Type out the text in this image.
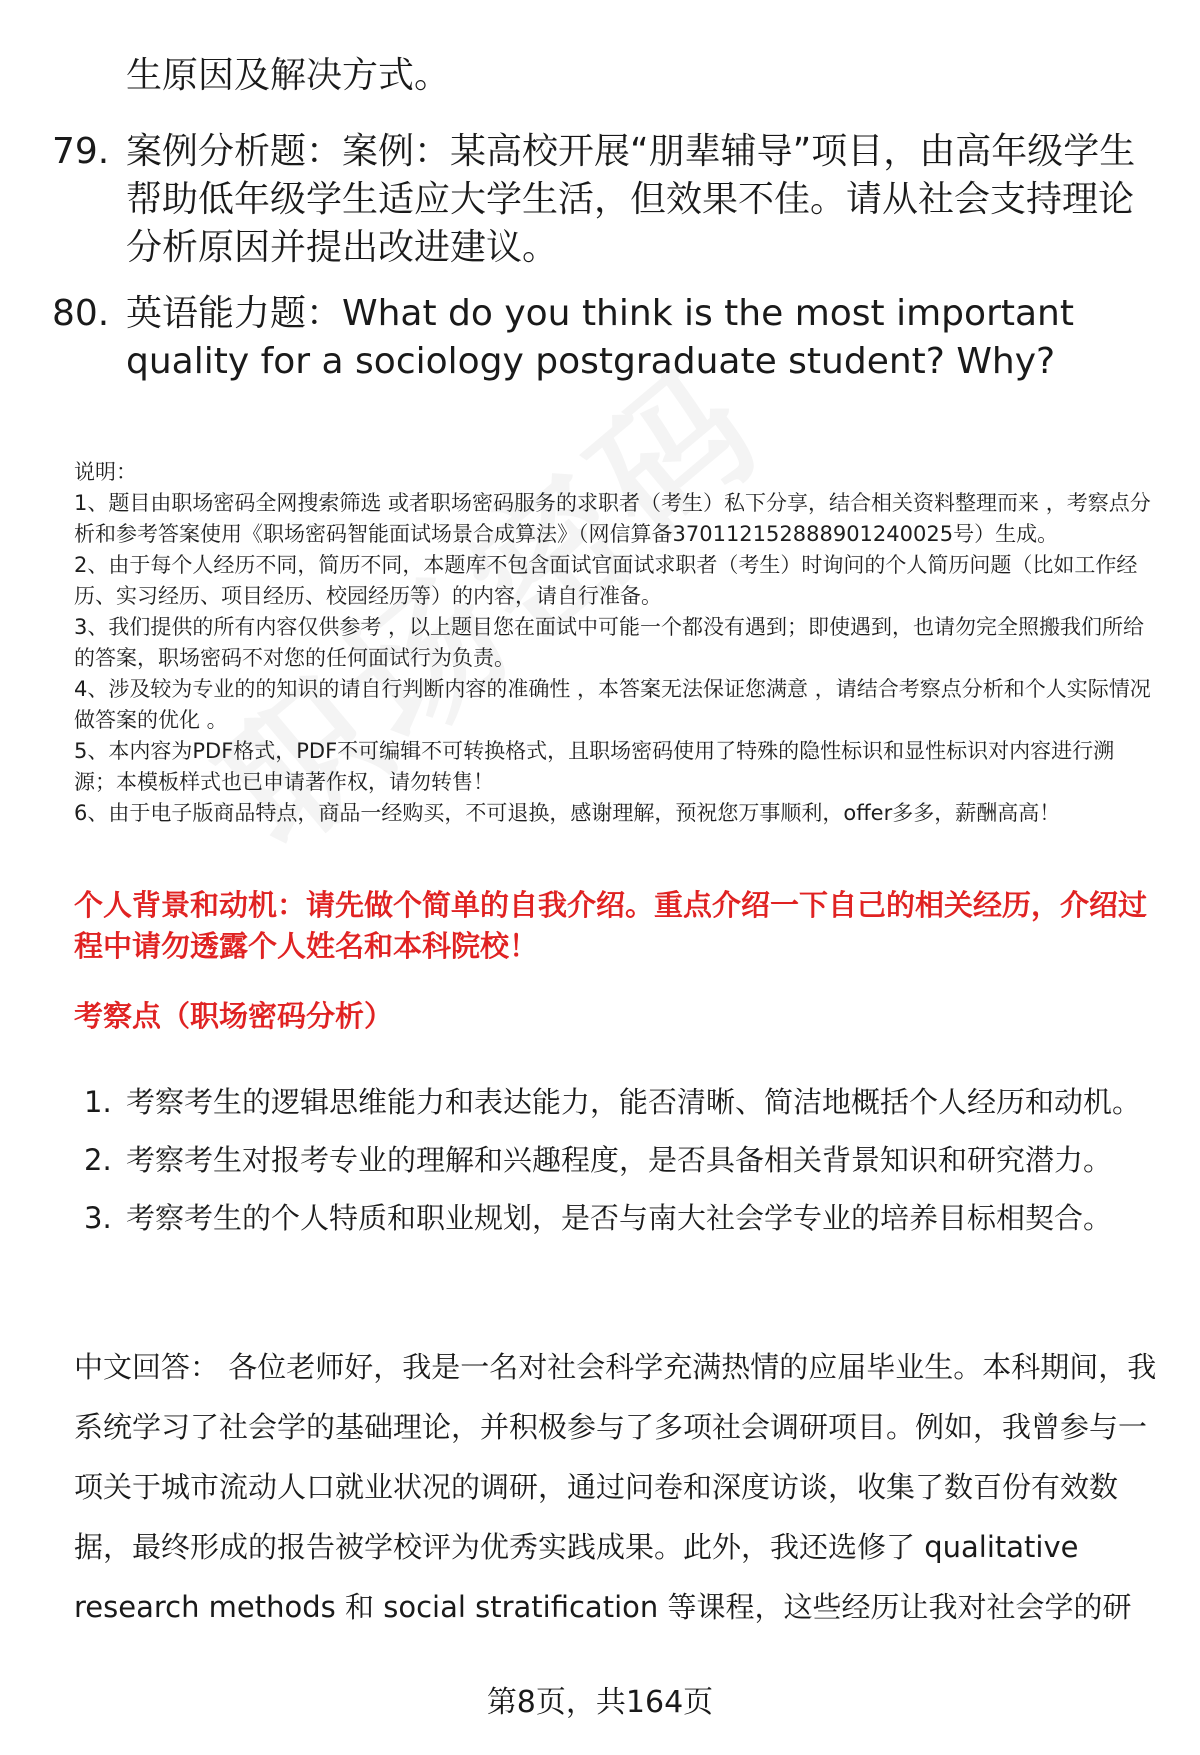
生原因及解决方式。
79. 案例分析题：案例：某高校开展“朋辈辅导”项目，由高年级学生帮助低年级学生适应大学生活，但效果不佳。请从社会支持理论分析原因并提出改进建议。
80. 英语能力题：What do you think is the most important quality for a sociology postgraduate student? Why?

说明：

1、题目由职场密码全网搜索筛选 或者职场密码服务的求职者（考生）私下分享，结合相关资料整理而来 ，考察点分析和参考答案使用《职场密码智能面试场景合成算法》（网信算备370112152888901240025号）生成。

2、由于每个人经历不同，简历不同，本题库不包含面试官面试求职者（考生）时询问的个人简历问题（比如工作经历、实习经历、项目经历、校园经历等）的内容，请自行准备。

3、我们提供的所有内容仅供参考 ，以上题目您在面试中可能一个都没有遇到；即使遇到，也请勿完全照搬我们所给的答案，职场密码不对您的任何面试行为负责。

4、涉及较为专业的的知识的请自行判断内容的准确性 ，本答案无法保证您满意 ，请结合考察点分析和个人实际情况做答案的优化 。

5、本内容为PDF格式，PDF不可编辑不可转换格式，且职场密码使用了特殊的隐性标识和显性标识对内容进行溯源；本模板样式也已申请著作权，请勿转售！

6、由于电子版商品特点，商品一经购买，不可退换，感谢理解，预祝您万事顺利，offer多多，薪酬高高！

个人背景和动机：请先做个简单的自我介绍。重点介绍一下自己的相关经历，介绍过程中请勿透露个人姓名和本科院校！
考察点（职场密码分析）
1. 考察考生的逻辑思维能力和表达能力，能否清晰、简洁地概括个人经历和动机。
2. 考察考生对报考专业的理解和兴趣程度，是否具备相关背景知识和研究潜力。
3. 考察考生的个人特质和职业规划，是否与南大社会学专业的培养目标相契合。
中文回答： 各位老师好，我是一名对社会科学充满热情的应届毕业生。本科期间，我系统学习了社会学的基础理论，并积极参与了多项社会调研项目。例如，我曾参与一项关于城市流动人口就业状况的调研，通过问卷和深度访谈，收集了数百份有效数据，最终形成的报告被学校评为优秀实践成果。此外，我还选修了 qualitative research methods 和 social stratification 等课程，这些经历让我对社会学的研
第8页，共164页
